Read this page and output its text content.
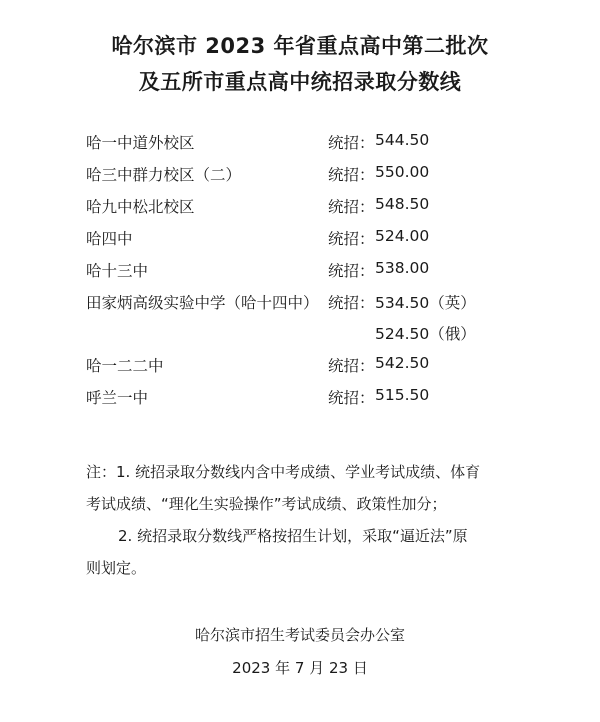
哈尔滨市 2023 年省重点高中第二批次
及五所市重点高中统招录取分数线
哈一中道外校区	统招： 544.50
哈三中群力校区（二）	统招： 550.00
哈九中松北校区	统招： 548.50
哈四中	统招： 524.00
哈十三中	统招： 538.00
田家炳高级实验中学（哈十四中） 统招： 534.50（英）
524.50（俄）
哈一二二中	统招： 542.50
呼兰一中	统招： 515.50
注：1. 统招录取分数线内含中考成绩、学业考试成绩、体育
考试成绩、“理化生实验操作”考试成绩、政策性加分；
2. 统招录取分数线严格按招生计划，采取“逼近法”原
则划定。
哈尔滨市招生考试委员会办公室
2023 年 7 月 23 日
